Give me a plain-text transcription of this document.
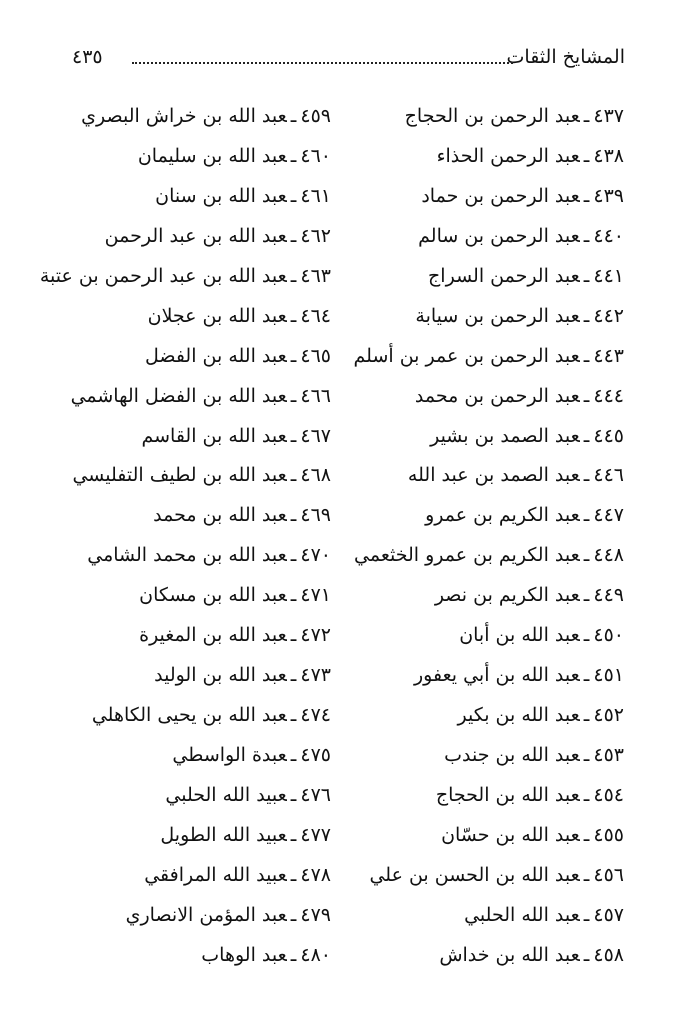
المشايخ الثقات
٤٣٥
٤٣٧ـعبد الرحمن بن الحجاج
٤٣٨ـعبد الرحمن الحذاء
٤٣٩ـعبد الرحمن بن حماد
٤٤٠ـعبد الرحمن بن سالم
٤٤١ـعبد الرحمن السراج
٤٤٢ـعبد الرحمن بن سيابة
٤٤٣ـعبد الرحمن بن عمر بن أسلم
٤٤٤ـعبد الرحمن بن محمد
٤٤٥ـعبد الصمد بن بشير
٤٤٦ـعبد الصمد بن عبد الله
٤٤٧ـعبد الكريم بن عمرو
٤٤٨ـعبد الكريم بن عمرو الخثعمي
٤٤٩ـعبد الكريم بن نصر
٤٥٠ـعبد الله بن أبان
٤٥١ـعبد الله بن أبي يعفور
٤٥٢ـعبد الله بن بكير
٤٥٣ـعبد الله بن جندب
٤٥٤ـعبد الله بن الحجاج
٤٥٥ـعبد الله بن حسّان
٤٥٦ـعبد الله بن الحسن بن علي
٤٥٧ـعبد الله الحلبي
٤٥٨ـعبد الله بن خداش
٤٥٩ـعبد الله بن خراش البصري
٤٦٠ـعبد الله بن سليمان
٤٦١ـعبد الله بن سنان
٤٦٢ـعبد الله بن عبد الرحمن
٤٦٣ـعبد الله بن عبد الرحمن بن عتبة
٤٦٤ـعبد الله بن عجلان
٤٦٥ـعبد الله بن الفضل
٤٦٦ـعبد الله بن الفضل الهاشمي
٤٦٧ـعبد الله بن القاسم
٤٦٨ـعبد الله بن لطيف التفليسي
٤٦٩ـعبد الله بن محمد
٤٧٠ـعبد الله بن محمد الشامي
٤٧١ـعبد الله بن مسكان
٤٧٢ـعبد الله بن المغيرة
٤٧٣ـعبد الله بن الوليد
٤٧٤ـعبد الله بن يحيى الكاهلي
٤٧٥ـعبدة الواسطي
٤٧٦ـعبيد الله الحلبي
٤٧٧ـعبيد الله الطويل
٤٧٨ـعبيد الله المرافقي
٤٧٩ـعبد المؤمن الانصاري
٤٨٠ـعبد الوهاب
